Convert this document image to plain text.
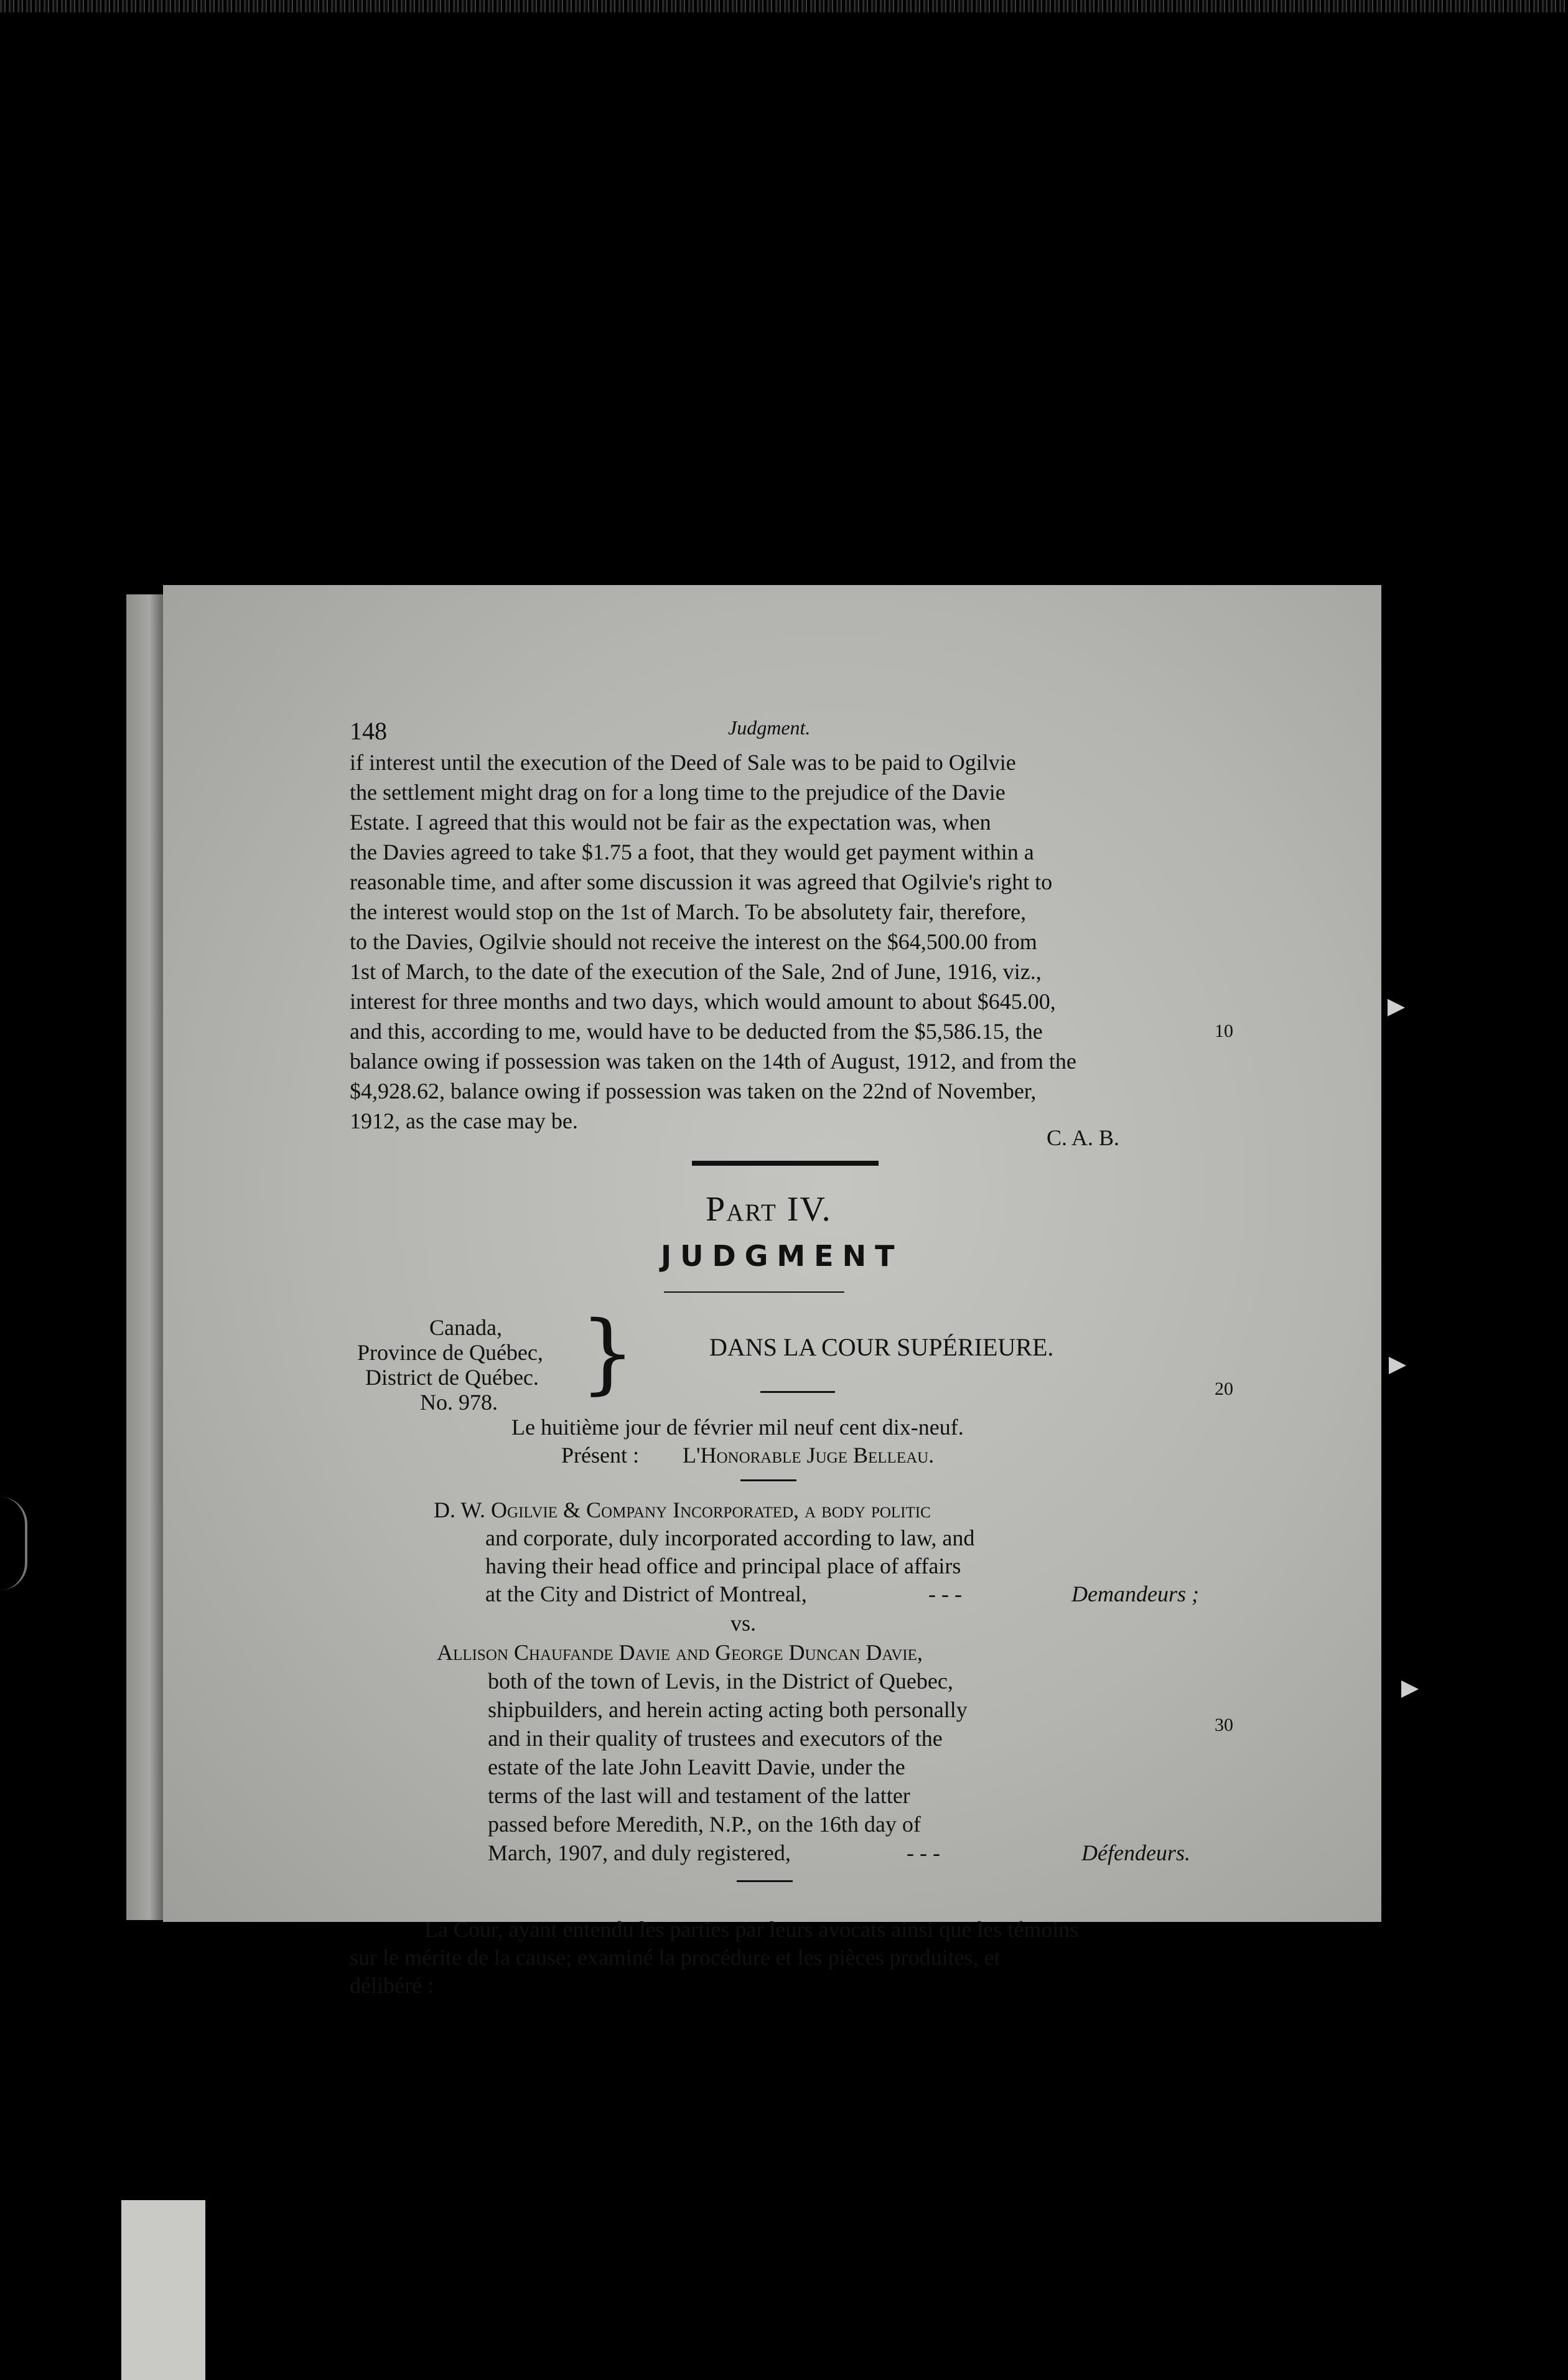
148	Judgment.
if interest until the execution of the Deed of Sale was to be paid to Ogilvie
the settlement might drag on for a long time to the prejudice of the Davie
Estate. I agreed that this would not be fair as the expectation was, when
the Davies agreed to take $1.75 a foot, that they would get payment within a
reasonable time, and after some discussion it was agreed that Ogilvie's right to
the interest would stop on the 1st of March. To be absolutety fair, therefore,
to the Davies, Ogilvie should not receive the interest on the $64,500.00 from
1st of March, to the date of the execution of the Sale, 2nd of June, 1916, viz.,
interest for three months and two days, which would amount to about $645.00,
and this, according to me, would have to be deducted from the $5,586.15, the
balance owing if possession was taken on the 14th of August, 1912, and from the
$4,928.62, balance owing if possession was taken on the 22nd of November,
1912, as the case may be.
C. A. B.
10
20
30
Part IV.
JUDGMENT
Canada,
Province de Québec,
District de Québec.
No. 978. }	DANS LA COUR SUPÉRIEURE.
Le huitième jour de février mil neuf cent dix-neuf.
Présent : L'Honorable Juge Belleau.
D. W. Ogilvie & Company Incorporated, a body politic
and corporate, duly incorporated according to law, and
having their head office and principal place of affairs
at the City and District of Montreal,	- - -	Demandeurs ;
vs.
Allison Chaufande Davie and George Duncan Davie,
both of the town of Levis, in the District of Quebec,
shipbuilders, and herein acting acting both personally
and in their quality of trustees and executors of the
estate of the late John Leavitt Davie, under the
terms of the last will and testament of the latter
passed before Meredith, N.P., on the 16th day of
March, 1907, and duly registered,	- - -	Défendeurs.
La Cour, ayant entendu les parties par leurs avocats ainsi que les témoins
sur le mérite de la cause; examiné la procédure et les pièces produites, et
délibéré :
